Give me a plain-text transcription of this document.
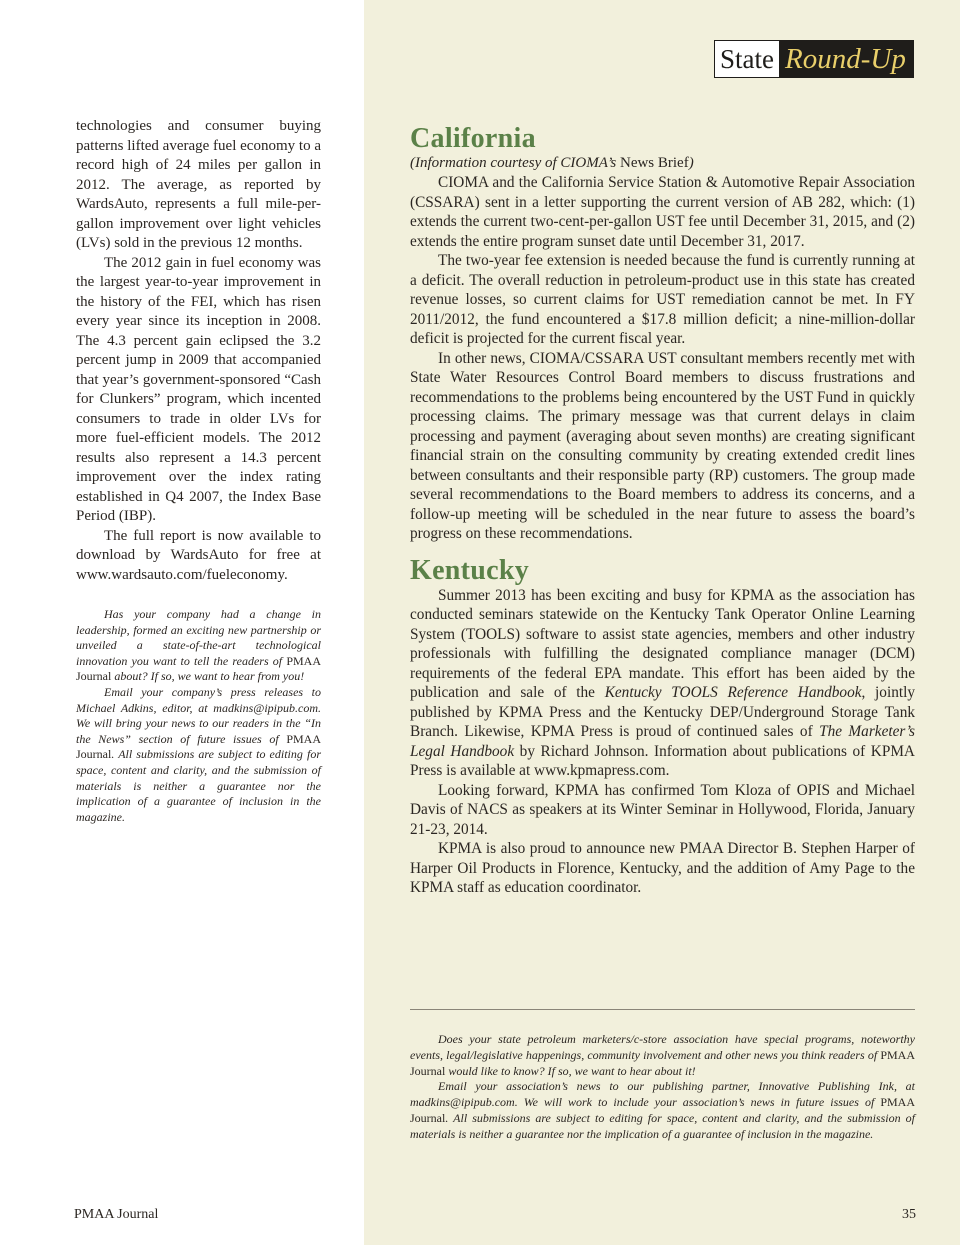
State Round-Up

technologies and consumer buying patterns lifted average fuel economy to a record high of 24 miles per gallon in 2012. The average, as reported by WardsAuto, represents a full mile-per-gallon improvement over light vehicles (LVs) sold in the previous 12 months.

The 2012 gain in fuel economy was the largest year-to-year improvement in the history of the FEI, which has risen every year since its inception in 2008. The 4.3 percent gain eclipsed the 3.2 percent jump in 2009 that accompanied that year’s government-sponsored “Cash for Clunkers” program, which incented consumers to trade in older LVs for more fuel-efficient models. The 2012 results also represent a 14.3 percent improvement over the index rating established in Q4 2007, the Index Base Period (IBP).

The full report is now available to download by WardsAuto for free at www.wardsauto.com/fueleconomy.

Has your company had a change in leadership, formed an exciting new partnership or unveiled a state-of-the-art technological innovation you want to tell the readers of PMAA Journal about? If so, we want to hear from you!

Email your company’s press releases to Michael Adkins, editor, at madkins@ipipub.com. We will bring your news to our readers in the “In the News” section of future issues of PMAA Journal. All submissions are subject to editing for space, content and clarity, and the submission of materials is neither a guarantee nor the implication of a guarantee of inclusion in the magazine.

California

(Information courtesy of CIOMA’s News Brief)

CIOMA and the California Service Station & Automotive Repair Association (CSSARA) sent in a letter supporting the current version of AB 282, which: (1) extends the current two-cent-per-gallon UST fee until December 31, 2015, and (2) extends the entire program sunset date until December 31, 2017.

The two-year fee extension is needed because the fund is currently running at a deficit. The overall reduction in petroleum-product use in this state has created revenue losses, so current claims for UST remediation cannot be met. In FY 2011/2012, the fund encountered a $17.8 million deficit; a nine-million-dollar deficit is projected for the current fiscal year.

In other news, CIOMA/CSSARA UST consultant members recently met with State Water Resources Control Board members to discuss frustrations and recommendations to the problems being encountered by the UST Fund in quickly processing claims. The primary message was that current delays in claim processing and payment (averaging about seven months) are creating significant financial strain on the consulting community by creating extended credit lines between consultants and their responsible party (RP) customers. The group made several recommendations to the Board members to address its concerns, and a follow-up meeting will be scheduled in the near future to assess the board’s progress on these recommendations.

Kentucky

Summer 2013 has been exciting and busy for KPMA as the association has conducted seminars statewide on the Kentucky Tank Operator Online Learning System (TOOLS) software to assist state agencies, members and other industry professionals with fulfilling the designated compliance manager (DCM) requirements of the federal EPA mandate. This effort has been aided by the publication and sale of the Kentucky TOOLS Reference Handbook, jointly published by KPMA Press and the Kentucky DEP/Underground Storage Tank Branch. Likewise, KPMA Press is proud of continued sales of The Marketer’s Legal Handbook by Richard Johnson. Information about publications of KPMA Press is available at www.kpmapress.com.

Looking forward, KPMA has confirmed Tom Kloza of OPIS and Michael Davis of NACS as speakers at its Winter Seminar in Hollywood, Florida, January 21-23, 2014.

KPMA is also proud to announce new PMAA Director B. Stephen Harper of Harper Oil Products in Florence, Kentucky, and the addition of Amy Page to the KPMA staff as education coordinator.

Does your state petroleum marketers/c-store association have special programs, noteworthy events, legal/legislative happenings, community involvement and other news you think readers of PMAA Journal would like to know? If so, we want to hear about it!

Email your association’s news to our publishing partner, Innovative Publishing Ink, at madkins@ipipub.com. We will work to include your association’s news in future issues of PMAA Journal. All submissions are subject to editing for space, content and clarity, and the submission of materials is neither a guarantee nor the implication of a guarantee of inclusion in the magazine.

PMAA Journal	35
